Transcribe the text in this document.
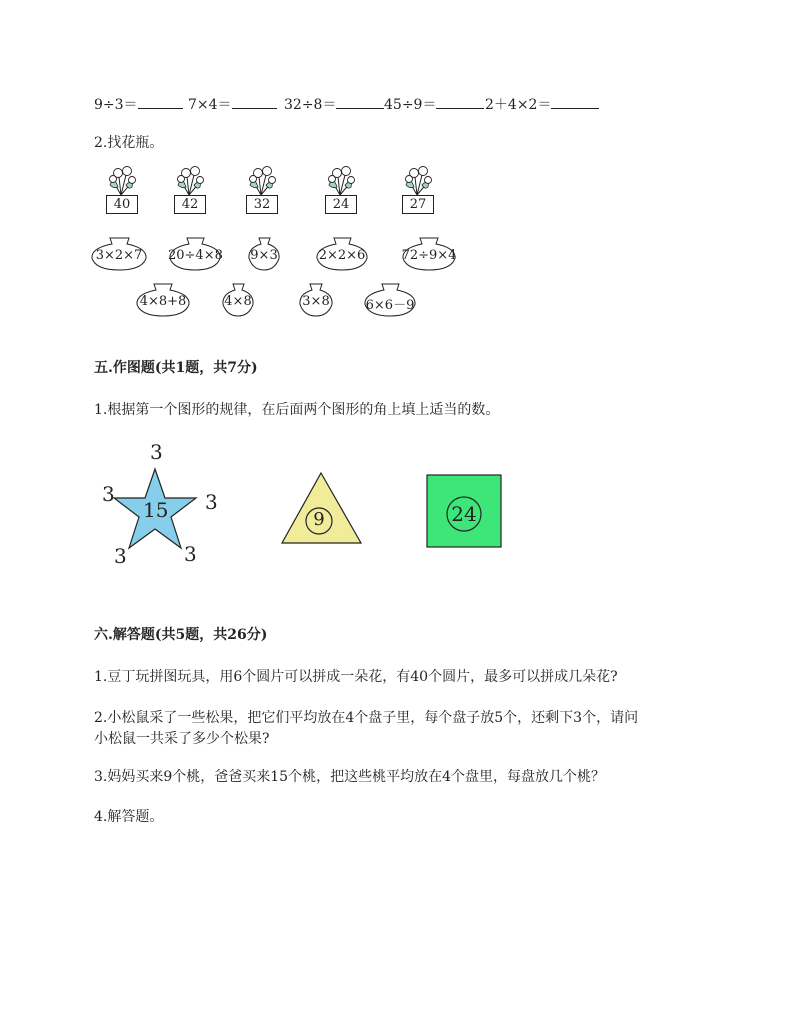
9÷3＝	7×4＝	32÷8＝	45÷9＝	2＋4×2＝
2.找花瓶。
40	42	32	24	27
3×2×7	20÷4×8 9×3	2×2×6	72÷9×4
4×8+8	4×8	3×8	6×6－9
五.作图题(共1题，共7分)
1.根据第一个图形的规律，在后面两个图形的角上填上适当的数。
15
3
3	3
3	3
9	24
六.解答题(共5题，共26分)
1.豆丁玩拼图玩具，用6个圆片可以拼成一朵花，有40个圆片，最多可以拼成几朵花?
2.小松鼠采了一些松果，把它们平均放在4个盘子里，每个盘子放5个，还剩下3个，请问
小松鼠一共采了多少个松果?
3.妈妈买来9个桃，爸爸买来15个桃，把这些桃平均放在4个盘里，每盘放几个桃？
4.解答题。
